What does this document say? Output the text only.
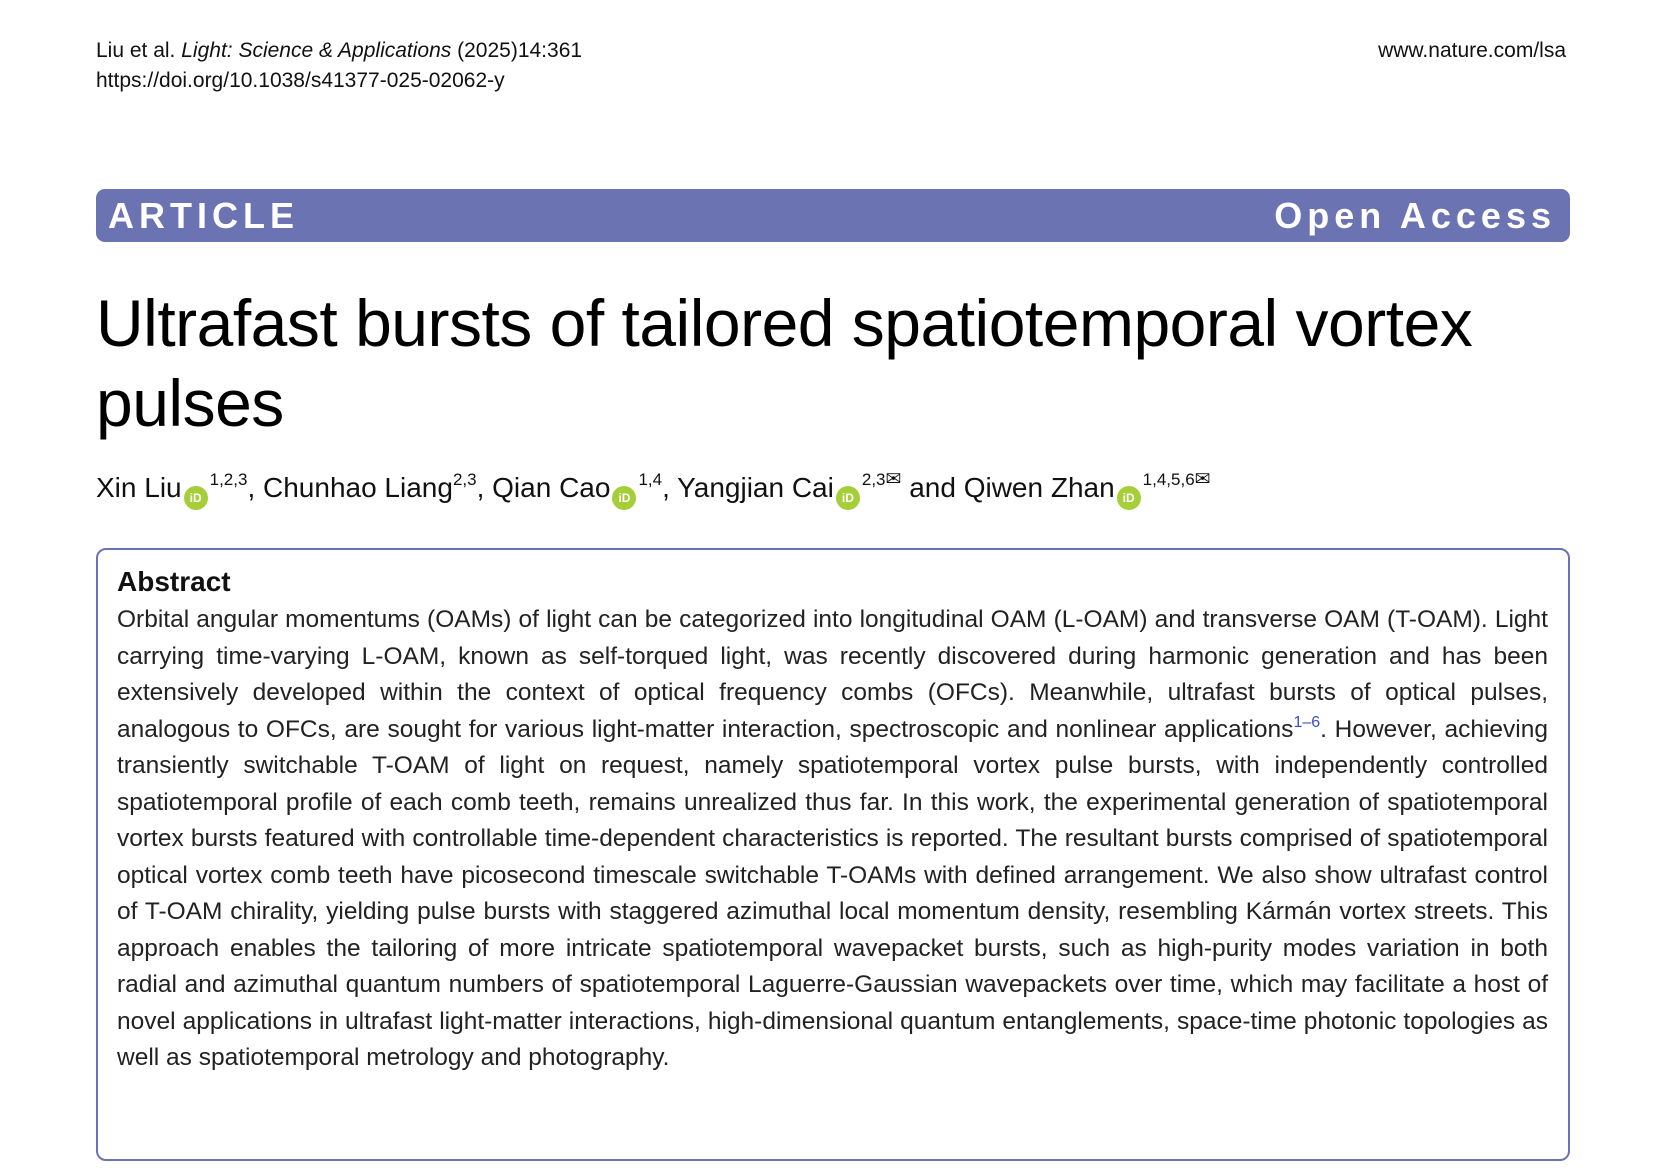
Liu et al. Light: Science & Applications (2025)14:361
https://doi.org/10.1038/s41377-025-02062-y
www.nature.com/lsa
ARTICLE	Open Access
Ultrafast bursts of tailored spatiotemporal vortex pulses
Xin Liu iD$^{1,2,3}$, Chunhao Liang$^{2,3}$, Qian Cao iD$^{1,4}$, Yangjian Cai iD$^{2,3✉}$ and Qiwen Zhan iD$^{1,4,5,6✉}$
Abstract

Orbital angular momentums (OAMs) of light can be categorized into longitudinal OAM (L-OAM) and transverse OAM (T-OAM). Light carrying time-varying L-OAM, known as self-torqued light, was recently discovered during harmonic generation and has been extensively developed within the context of optical frequency combs (OFCs). Meanwhile, ultrafast bursts of optical pulses, analogous to OFCs, are sought for various light-matter interaction, spectroscopic and nonlinear applications$^{1-6}$. However, achieving transiently switchable T-OAM of light on request, namely spatiotemporal vortex pulse bursts, with independently controlled spatiotemporal profile of each comb teeth, remains unrealized thus far. In this work, the experimental generation of spatiotemporal vortex bursts featured with controllable time-dependent characteristics is reported. The resultant bursts comprised of spatiotemporal optical vortex comb teeth have picosecond timescale switchable T-OAMs with defined arrangement. We also show ultrafast control of T-OAM chirality, yielding pulse bursts with staggered azimuthal local momentum density, resembling Kármán vortex streets. This approach enables the tailoring of more intricate spatiotemporal wavepacket bursts, such as high-purity modes variation in both radial and azimuthal quantum numbers of spatiotemporal Laguerre-Gaussian wavepackets over time, which may facilitate a host of novel applications in ultrafast light-matter interactions, high-dimensional quantum entanglements, space-time photonic topologies as well as spatiotemporal metrology and photography.
